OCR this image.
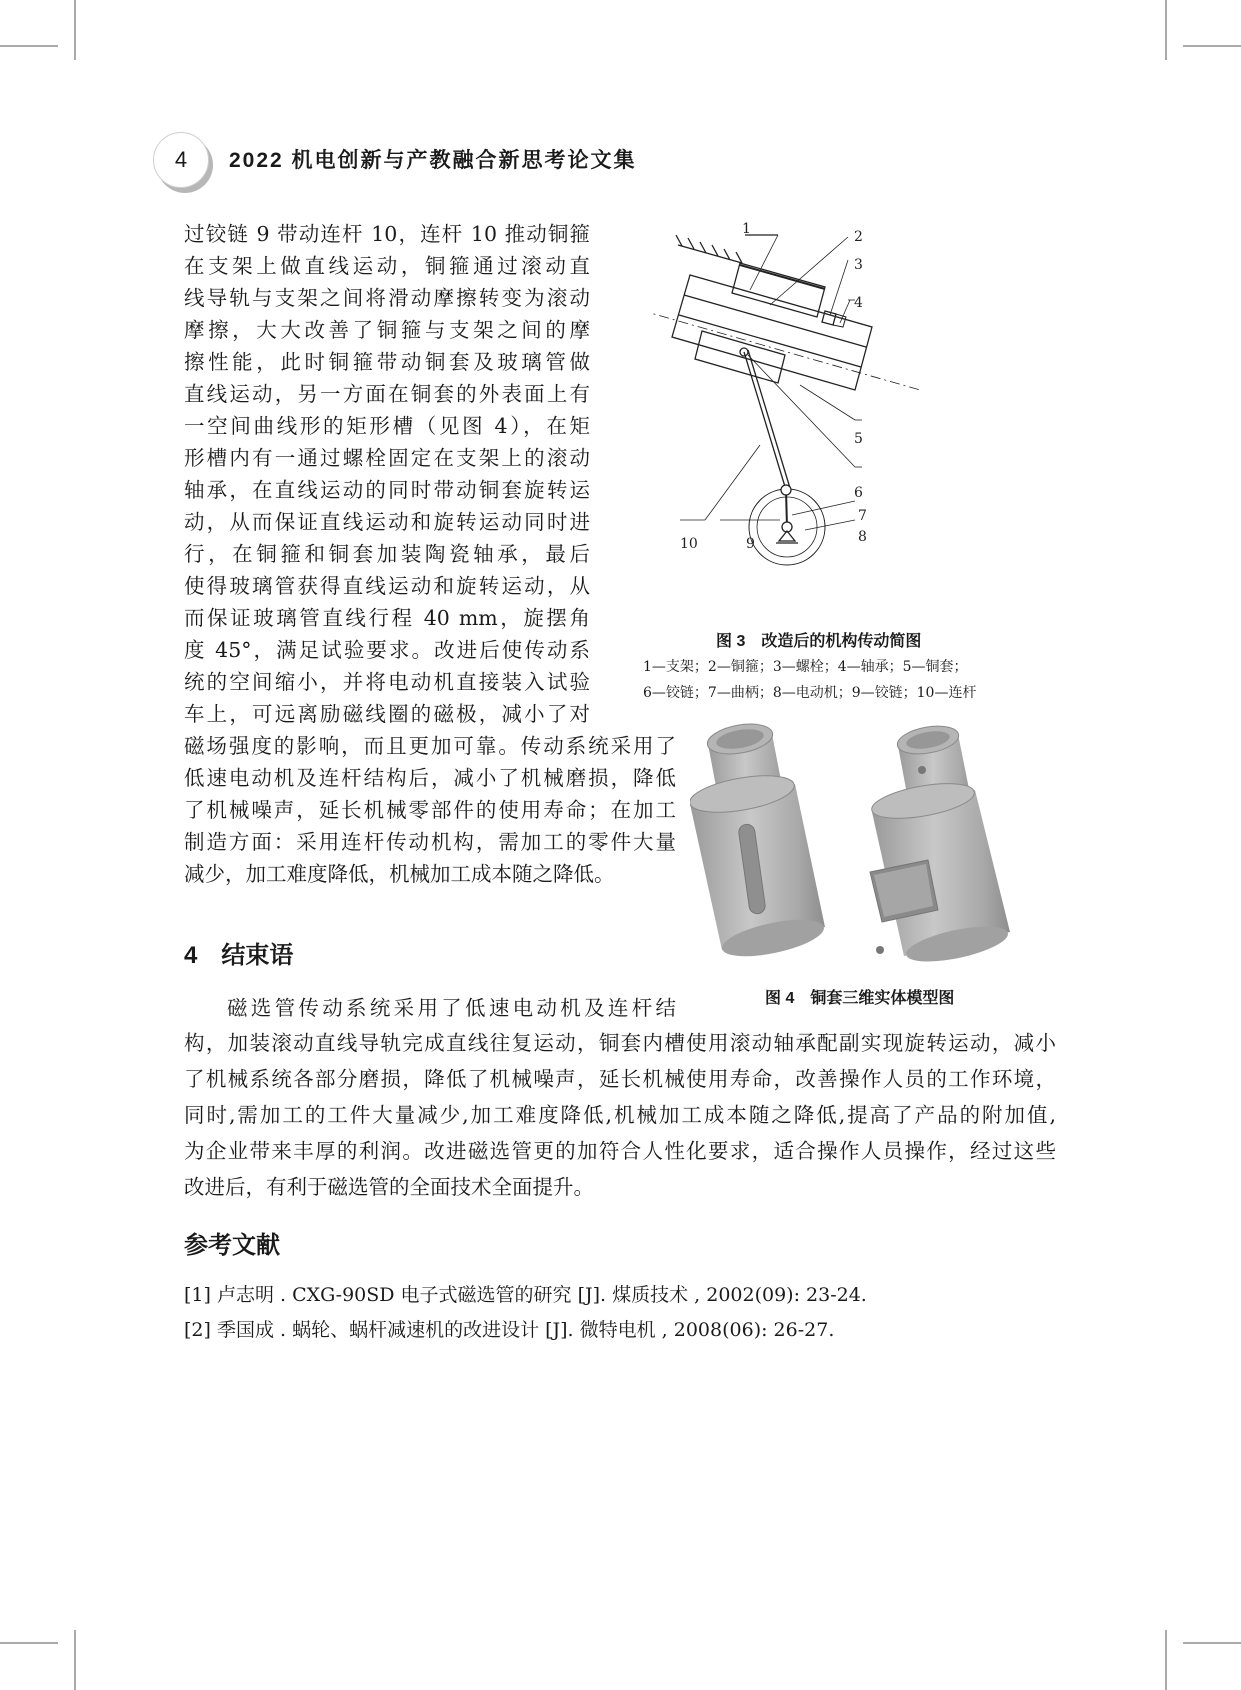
4	2022 机电创新与产教融合新思考论文集
过铰链 9 带动连杆 10，连杆 10 推动铜箍
在支架上做直线运动，铜箍通过滚动直
线导轨与支架之间将滑动摩擦转变为滚动
摩擦，大大改善了铜箍与支架之间的摩
擦性能，此时铜箍带动铜套及玻璃管做
直线运动，另一方面在铜套的外表面上有
一空间曲线形的矩形槽（见图 4），在矩
形槽内有一通过螺栓固定在支架上的滚动
轴承，在直线运动的同时带动铜套旋转运
动，从而保证直线运动和旋转运动同时进
行，在铜箍和铜套加装陶瓷轴承，最后
使得玻璃管获得直线运动和旋转运动，从
而保证玻璃管直线行程 40 mm，旋摆角
度 45°，满足试验要求。改进后使传动系
统的空间缩小，并将电动机直接装入试验
车上，可远离励磁线圈的磁极，减小了对
磁场强度的影响，而且更加可靠。传动系统采用了
低速电动机及连杆结构后，减小了机械磨损，降低
了机械噪声，延长机械零部件的使用寿命；在加工
制造方面：采用连杆传动机构，需加工的零件大量
减少，加工难度降低，机械加工成本随之降低。
4　结束语
磁选管传动系统采用了低速电动机及连杆结
构，加装滚动直线导轨完成直线往复运动，铜套内槽使用滚动轴承配副实现旋转运动，减小
了机械系统各部分磨损，降低了机械噪声，延长机械使用寿命，改善操作人员的工作环境，
同时,需加工的工件大量减少,加工难度降低,机械加工成本随之降低,提高了产品的附加值,
为企业带来丰厚的利润。改进磁选管更的加符合人性化要求，适合操作人员操作，经过这些
改进后，有利于磁选管的全面技术全面提升。
参考文献
[1] 卢志明 . CXG-90SD 电子式磁选管的研究 [J]. 煤质技术 , 2002(09): 23-24.
[2] 季国成 . 蜗轮、蜗杆减速机的改进设计 [J]. 微特电机 , 2008(06): 26-27.
1	2
3
4
5
6
7
8
9
10
图 3　改造后的机构传动简图
1—支架；2—铜箍；3—螺栓；4—轴承；5—铜套；
6—铰链；7—曲柄；8—电动机；9—铰链；10—连杆
图 4　铜套三维实体模型图
